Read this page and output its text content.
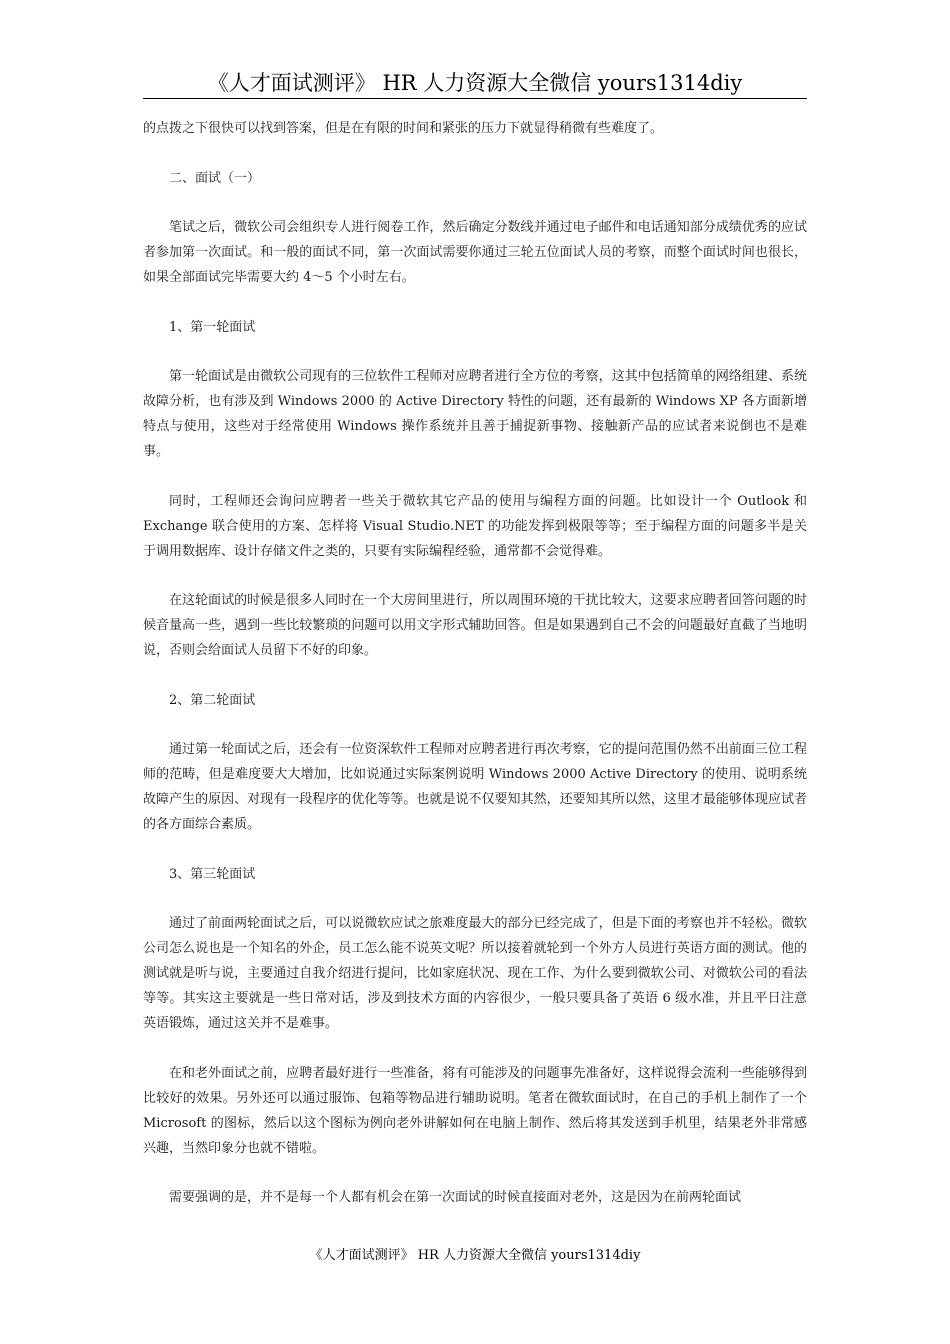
《人才面试测评》 HR 人力资源大全微信 yours1314diy

的点拨之下很快可以找到答案，但是在有限的时间和紧张的压力下就显得稍微有些难度了。

二、面试（一）

笔试之后，微软公司会组织专人进行阅卷工作，然后确定分数线并通过电子邮件和电话通知部分成绩优秀的应试者参加第一次面试。和一般的面试不同，第一次面试需要你通过三轮五位面试人员的考察，而整个面试时间也很长，如果全部面试完毕需要大约 4～5 个小时左右。

1、第一轮面试

第一轮面试是由微软公司现有的三位软件工程师对应聘者进行全方位的考察，这其中包括简单的网络组建、系统故障分析，也有涉及到 Windows 2000 的 Active Directory 特性的问题，还有最新的 Windows XP 各方面新增特点与使用，这些对于经常使用 Windows 操作系统并且善于捕捉新事物、接触新产品的应试者来说倒也不是难事。

同时，工程师还会询问应聘者一些关于微软其它产品的使用与编程方面的问题。比如设计一个 Outlook 和 Exchange 联合使用的方案、怎样将 Visual Studio.NET 的功能发挥到极限等等；至于编程方面的问题多半是关于调用数据库、设计存储文件之类的，只要有实际编程经验，通常都不会觉得难。

在这轮面试的时候是很多人同时在一个大房间里进行，所以周围环境的干扰比较大，这要求应聘者回答问题的时候音量高一些，遇到一些比较繁琐的问题可以用文字形式辅助回答。但是如果遇到自己不会的问题最好直截了当地明说，否则会给面试人员留下不好的印象。

2、第二轮面试

通过第一轮面试之后，还会有一位资深软件工程师对应聘者进行再次考察，它的提问范围仍然不出前面三位工程师的范畴，但是难度要大大增加，比如说通过实际案例说明 Windows 2000 Active Directory 的使用、说明系统故障产生的原因、对现有一段程序的优化等等。也就是说不仅要知其然，还要知其所以然，这里才最能够体现应试者的各方面综合素质。

3、第三轮面试

通过了前面两轮面试之后，可以说微软应试之旅难度最大的部分已经完成了，但是下面的考察也并不轻松。微软公司怎么说也是一个知名的外企，员工怎么能不说英文呢？所以接着就轮到一个外方人员进行英语方面的测试。他的测试就是听与说，主要通过自我介绍进行提问，比如家庭状况、现在工作、为什么要到微软公司、对微软公司的看法等等。其实这主要就是一些日常对话，涉及到技术方面的内容很少，一般只要具备了英语 6 级水准，并且平日注意英语锻炼，通过这关并不是难事。

在和老外面试之前，应聘者最好进行一些准备，将有可能涉及的问题事先准备好，这样说得会流利一些能够得到比较好的效果。另外还可以通过服饰、包箱等物品进行辅助说明。笔者在微软面试时，在自己的手机上制作了一个 Microsoft 的图标，然后以这个图标为例向老外讲解如何在电脑上制作、然后将其发送到手机里，结果老外非常感兴趣，当然印象分也就不错啦。

需要强调的是，并不是每一个人都有机会在第一次面试的时候直接面对老外，这是因为在前两轮面试

《人才面试测评》 HR 人力资源大全微信 yours1314diy
